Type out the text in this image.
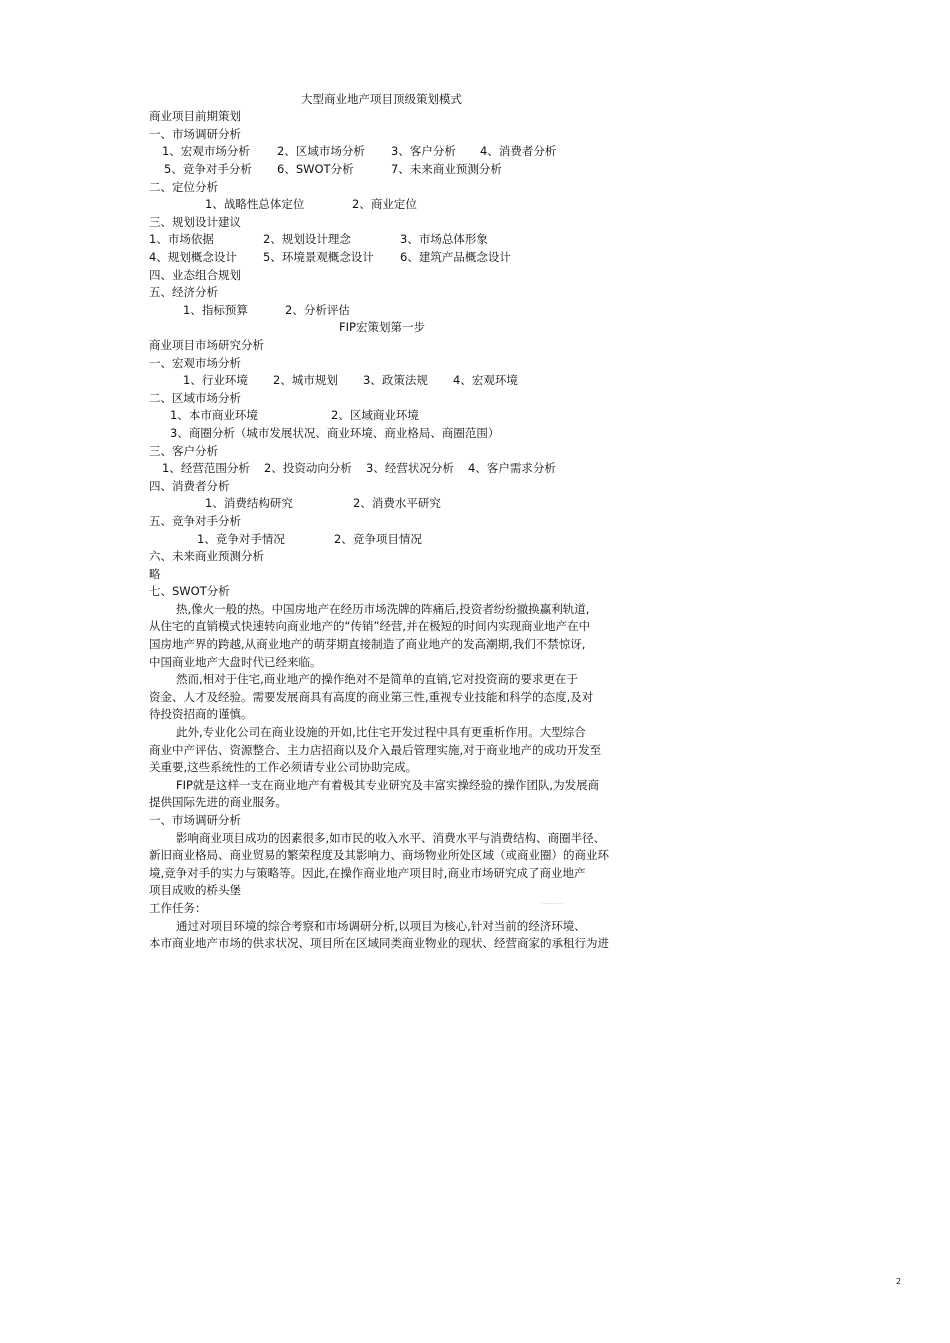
大型商业地产项目顶级策划模式
商业项目前期策划
一、市场调研分析
1、宏观市场分析 2、区域市场分析 3、客户分析 4、消费者分析
5、竞争对手分析 6、SWOT分析	7、未来商业预测分析
二、定位分析
1、战略性总体定位	2、商业定位
三、规划设计建议
1、市场依据	2、规划设计理念	3、市场总体形象
4、规划概念设计 5、环境景观概念设计 6、建筑产品概念设计
四、业态组合规划
五、经济分析
1、指标预算	2、分析评估
FIP宏策划第一步
商业项目市场研究分析
一、宏观市场分析
1、行业环境 2、城市规划 3、政策法规 4、宏观环境
二、区域市场分析
1、本市商业环境	2、区域商业环境
3、商圈分析（城市发展状况、商业环境、商业格局、商圈范围）
三、客户分析
1、经营范围分析 2、投资动向分析 3、经营状况分析 4、客户需求分析
四、消费者分析
1、消费结构研究	2、消费水平研究
五、竞争对手分析
1、竞争对手情况	2、竞争项目情况
六、未来商业预测分析
略
七、SWOT分析
热,像火一般的热。中国房地产在经历市场洗牌的阵痛后,投资者纷纷撤换赢利轨道,
从住宅的直销模式快速转向商业地产的“传销”经营,并在极短的时间内实现商业地产在中
国房地产界的跨越,从商业地产的萌芽期直接制造了商业地产的发高潮期,我们不禁惊讶,
中国商业地产大盘时代已经来临。
然而,相对于住宅,商业地产的操作绝对不是简单的直销,它对投资商的要求更在于
资金、人才及经验。需要发展商具有高度的商业第三性,重视专业技能和科学的态度,及对
待投资招商的谨慎。
此外,专业化公司在商业设施的开如,比住宅开发过程中具有更重析作用。大型综合
商业中产评估、资源整合、主力店招商以及介入最后管理实施,对于商业地产的成功开发至
关重要,这些系统性的工作必须请专业公司协助完成。
FIP就是这样一支在商业地产有着极其专业研究及丰富实操经验的操作团队,为发展商
提供国际先进的商业服务。
一、市场调研分析
影响商业项目成功的因素很多,如市民的收入水平、消费水平与消费结构、商圈半径、
新旧商业格局、商业贸易的繁荣程度及其影响力、商场物业所处区域（或商业圈）的商业环
境,竞争对手的实力与策略等。因此,在操作商业地产项目时,商业市场研究成了商业地产
项目成败的桥头堡
工作任务：
通过对项目环境的综合考察和市场调研分析,以项目为核心,针对当前的经济环境、
本市商业地产市场的供求状况、项目所在区域同类商业物业的现状、经营商家的承租行为进
..........
2
